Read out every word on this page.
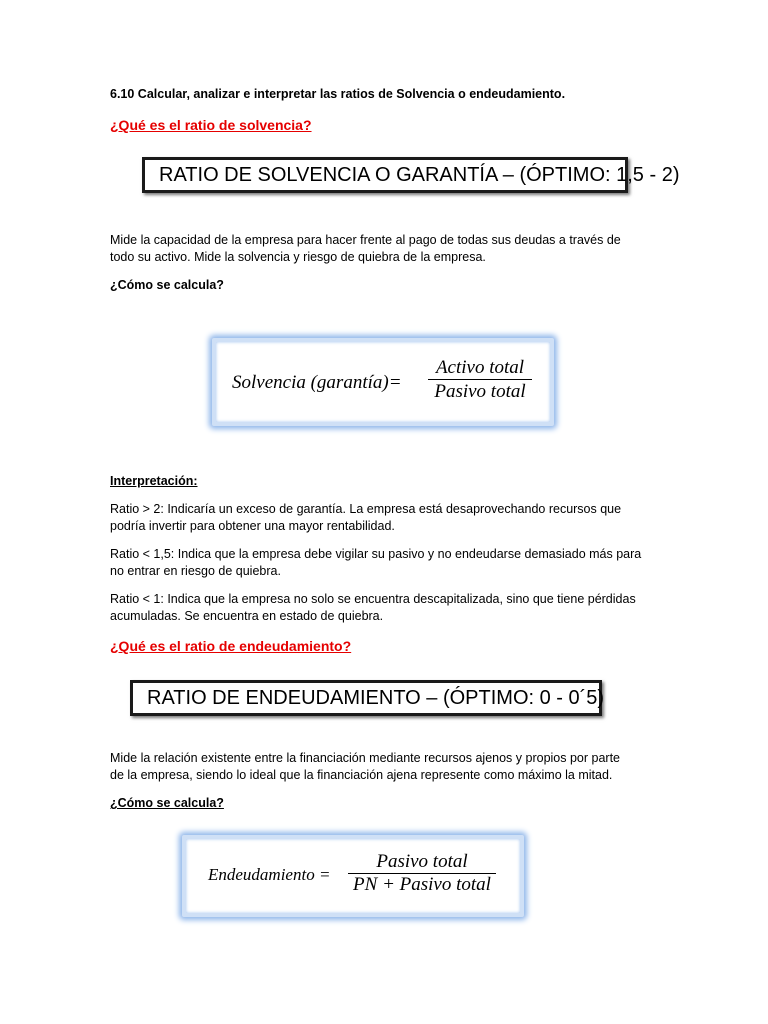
6.10 Calcular, analizar e interpretar las ratios de Solvencia o endeudamiento.
¿Qué es el ratio de solvencia?
RATIO DE SOLVENCIA O GARANTÍA – (ÓPTIMO: 1,5 - 2)
Mide la capacidad de la empresa para hacer frente al pago de todas sus deudas a través de
todo su activo. Mide la solvencia y riesgo de quiebra de la empresa.
¿Cómo se calcula?
Solvencia (garantía)=
Activo total
Pasivo total
Interpretación:
Ratio > 2: Indicaría un exceso de garantía. La empresa está desaprovechando recursos que
podría invertir para obtener una mayor rentabilidad.
Ratio < 1,5: Indica que la empresa debe vigilar su pasivo y no endeudarse demasiado más para
no entrar en riesgo de quiebra.
Ratio < 1: Indica que la empresa no solo se encuentra descapitalizada, sino que tiene pérdidas
acumuladas. Se encuentra en estado de quiebra.
¿Qué es el ratio de endeudamiento?
RATIO DE ENDEUDAMIENTO – (ÓPTIMO: 0 - 0´5)
Mide la relación existente entre la financiación mediante recursos ajenos y propios por parte
de la empresa, siendo lo ideal que la financiación ajena represente como máximo la mitad.
¿Cómo se calcula?
Endeudamiento =
Pasivo total
PN + Pasivo total
